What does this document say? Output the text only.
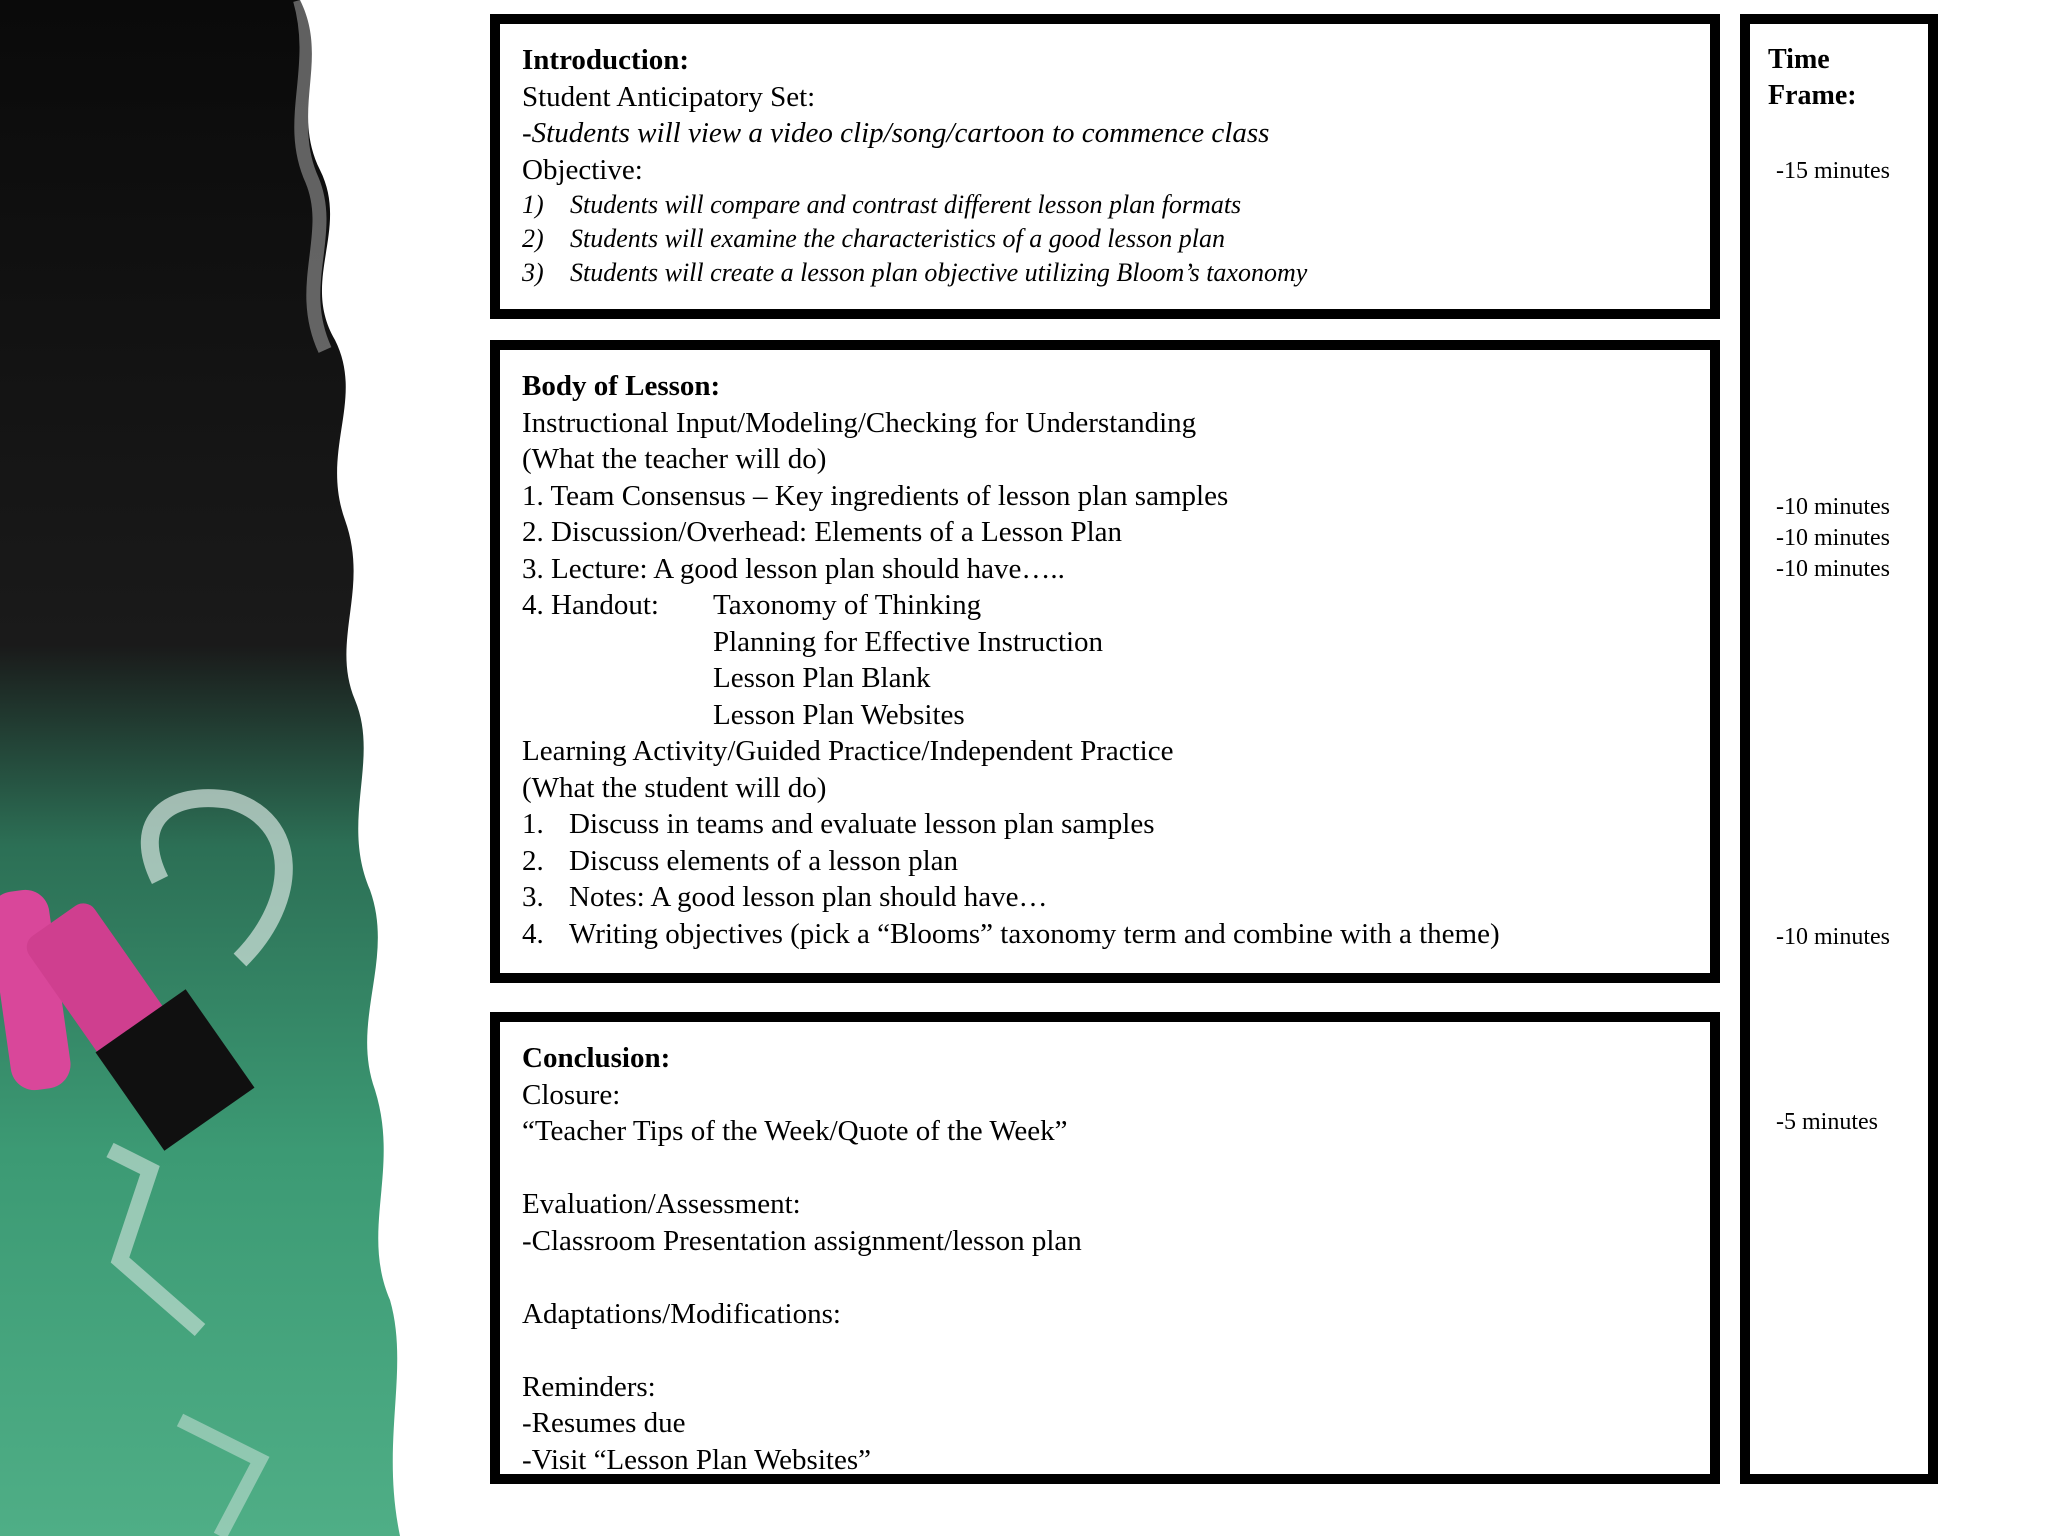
Introduction:
Student Anticipatory Set:
-Students will view a video clip/song/cartoon to commence class
Objective:
1) Students will compare and contrast different lesson plan formats
2) Students will examine the characteristics of a good lesson plan
3) Students will create a lesson plan objective utilizing Bloom’s taxonomy
Body of Lesson:
Instructional Input/Modeling/Checking for Understanding
(What the teacher will do)
1. Team Consensus – Key ingredients of lesson plan samples
2. Discussion/Overhead: Elements of a Lesson Plan
3. Lecture: A good lesson plan should have…..
4. Handout: Taxonomy of Thinking
Planning for Effective Instruction
Lesson Plan Blank
Lesson Plan Websites
Learning Activity/Guided Practice/Independent Practice
(What the student will do)
1. Discuss in teams and evaluate lesson plan samples
2. Discuss elements of a lesson plan
3. Notes: A good lesson plan should have…
4. Writing objectives (pick a “Blooms” taxonomy term and combine with a theme)
Conclusion:
Closure:
“Teacher Tips of the Week/Quote of the Week”
Evaluation/Assessment:
-Classroom Presentation assignment/lesson plan
Adaptations/Modifications:
Reminders:
-Resumes due
-Visit “Lesson Plan Websites”
Time
Frame:
-15 minutes
-10 minutes
-10 minutes
-10 minutes
-10 minutes
-5 minutes
